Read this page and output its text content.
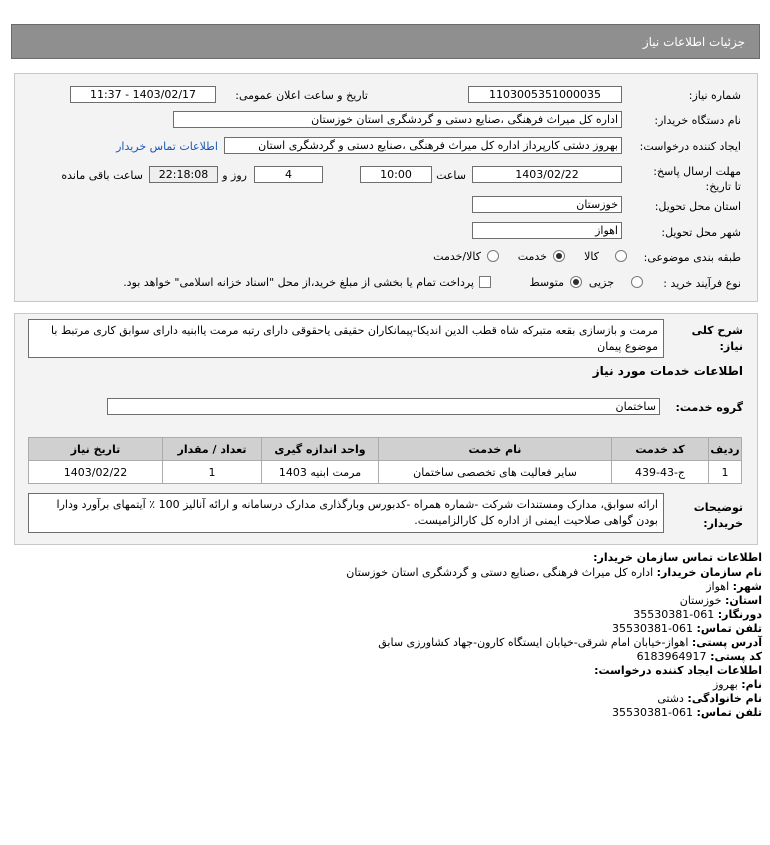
جزئیات اطلاعات نیاز
شماره نیاز:
1103005351000035
تاریخ و ساعت اعلان عمومی:
1403/02/17 - 11:37
نام دستگاه خریدار:
اداره کل میراث فرهنگی ،صنایع دستی و گردشگری استان خوزستان
ایجاد کننده درخواست:
بهروز دشتی کارپرداز اداره کل میراث فرهنگی ،صنایع دستی و گردشگری استان
اطلاعات تماس خریدار
مهلت ارسال پاسخ: تا تاریخ:
1403/02/22
ساعت
10:00
4
روز و
22:18:08
ساعت باقی مانده
استان محل تحویل:
خوزستان
شهر محل تحویل:
اهواز
طبقه بندی موضوعی:
کالا
خدمت
کالا/خدمت
نوع فرآیند خرید :
جزیی
متوسط
پرداخت تمام یا بخشی از مبلغ خرید،از محل "اسناد خزانه اسلامی" خواهد بود.
شرح کلی نیاز:
مرمت و بازسازی بقعه متبرکه شاه قطب الدین اندیکا-پیمانکاران حقیقی یاحقوقی دارای رتبه مرمت یاابنیه دارای سوابق کاری مرتبط با موضوع پیمان
اطلاعات خدمات مورد نیاز
گروه خدمت:
ساختمان
ردیف	کد خدمت	نام خدمت	واحد اندازه گیری	تعداد / مقدار	تاریخ نیاز
1	ج-43-439	سایر فعالیت های تخصصی ساختمان	مرمت ابنیه 1403	1	1403/02/22
توضیحات خریدار:
ارائه سوابق، مدارک ومستندات شرکت -شماره همراه -کدبورس وبارگذاری مدارک درسامانه و ارائه آنالیز 100 ٪ آیتمهای برآورد ودارا بودن گواهی صلاحیت ایمنی از اداره کل کارالزامیست.
اطلاعات تماس سازمان خریدار:
نام سازمان خریدار: اداره کل میراث فرهنگی ،صنایع دستی و گردشگری استان خوزستان
شهر: اهواز
استان: خوزستان
دورنگار: 061-35530381
تلفن تماس: 061-35530381
آدرس پستی: اهواز-خیابان امام شرقی-خیابان ایستگاه کارون-جهاد کشاورزی سابق
کد پستی: 6183964917
اطلاعات ایجاد کننده درخواست:
نام: بهروز
نام خانوادگی: دشتی
تلفن تماس: 061-35530381
